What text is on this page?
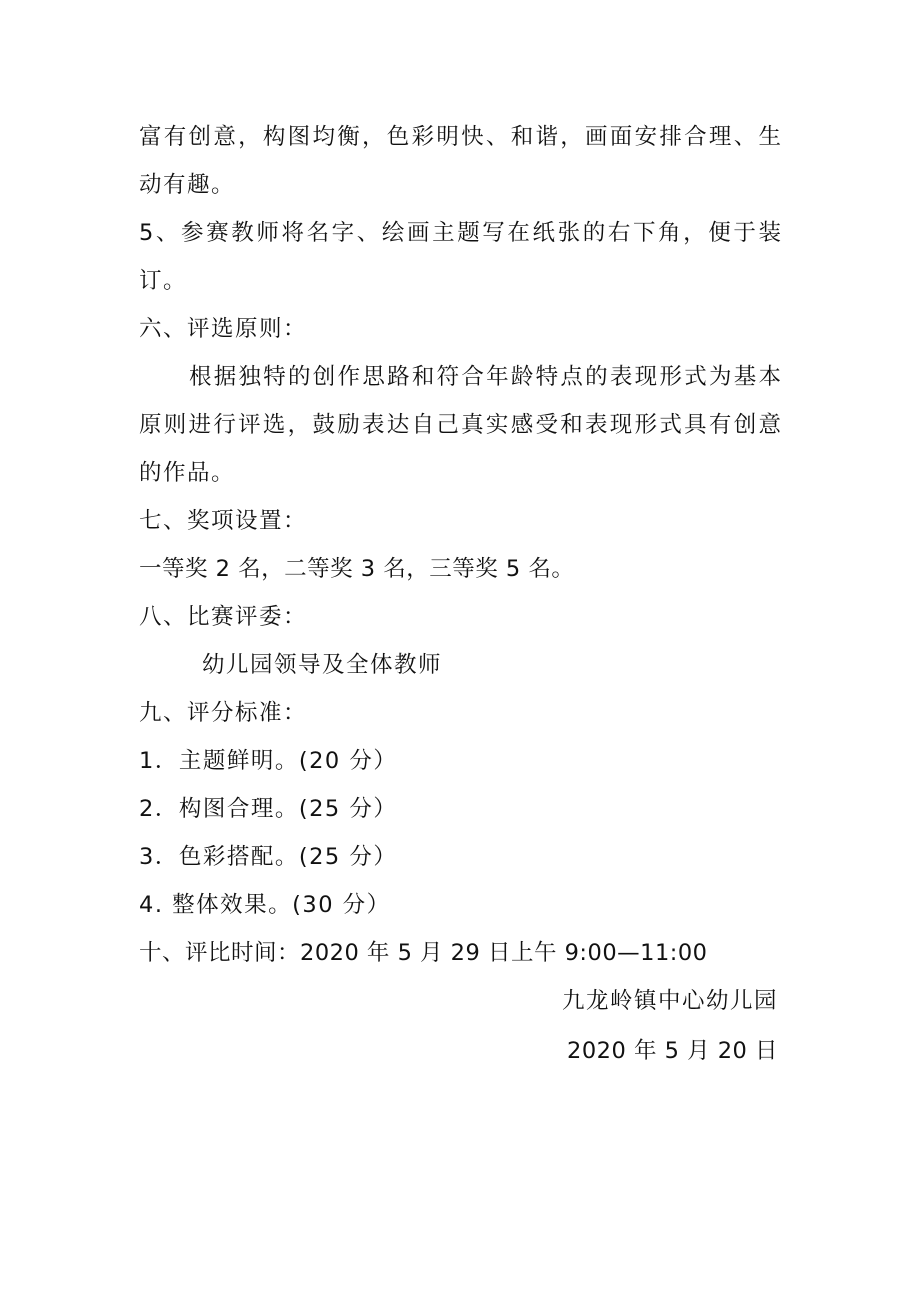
富有创意，构图均衡，色彩明快、和谐，画面安排合理、生
动有趣。
5、参赛教师将名字、绘画主题写在纸张的右下角，便于装
订。
六、评选原则：
根据独特的创作思路和符合年龄特点的表现形式为基本
原则进行评选，鼓励表达自己真实感受和表现形式具有创意
的作品。
七、奖项设置：
一等奖 2 名，二等奖 3 名，三等奖 5 名。
八、比赛评委：
幼儿园领导及全体教师
九、评分标准：
1．主题鲜明。(20 分）
2．构图合理。(25 分）
3．色彩搭配。(25 分）
4. 整体效果。(30 分）
十、评比时间：2020 年 5 月 29 日上午 9:00—11:00
九龙岭镇中心幼儿园
2020 年 5 月 20 日
